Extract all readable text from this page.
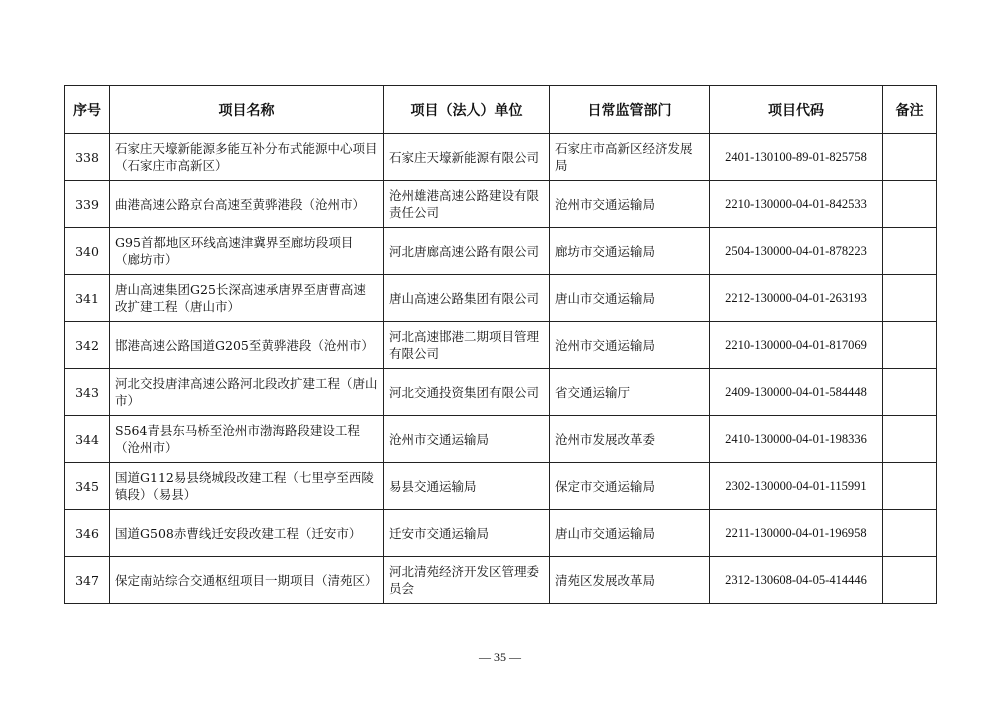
序号	项目名称	项目（法人）单位	日常监管部门	项目代码	备注
338	石家庄天壕新能源多能互补分布式能源中心项目（石家庄市高新区）	石家庄天壕新能源有限公司	石家庄市高新区经济发展局	2401-130100-89-01-825758	
339	曲港高速公路京台高速至黄骅港段（沧州市）	沧州雄港高速公路建设有限责任公司	沧州市交通运输局	2210-130000-04-01-842533	
340	G95首都地区环线高速津冀界至廊坊段项目（廊坊市）	河北唐廊高速公路有限公司	廊坊市交通运输局	2504-130000-04-01-878223	
341	唐山高速集团G25长深高速承唐界至唐曹高速改扩建工程（唐山市）	唐山高速公路集团有限公司	唐山市交通运输局	2212-130000-04-01-263193	
342	邯港高速公路国道G205至黄骅港段（沧州市）	河北高速邯港二期项目管理有限公司	沧州市交通运输局	2210-130000-04-01-817069	
343	河北交投唐津高速公路河北段改扩建工程（唐山市）	河北交通投资集团有限公司	省交通运输厅	2409-130000-04-01-584448	
344	S564青县东马桥至沧州市渤海路段建设工程（沧州市）	沧州市交通运输局	沧州市发展改革委	2410-130000-04-01-198336	
345	国道G112易县绕城段改建工程（七里亭至西陵镇段）（易县）	易县交通运输局	保定市交通运输局	2302-130000-04-01-115991	
346	国道G508赤曹线迁安段改建工程（迁安市）	迁安市交通运输局	唐山市交通运输局	2211-130000-04-01-196958	
347	保定南站综合交通枢纽项目一期项目（清苑区）	河北清苑经济开发区管理委员会	清苑区发展改革局	2312-130608-04-05-414446	
— 35 —
